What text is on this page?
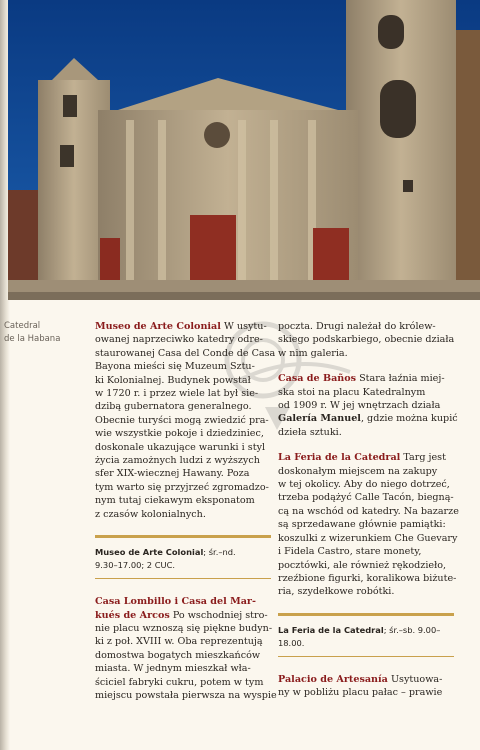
Catedral
de la Habana

Museo de Arte Colonial W usytu-
owanej naprzeciwko katedry odre-
staurowanej Casa del Conde de Casa
Bayona mieści się Muzeum Sztu-
ki Kolonialnej. Budynek powstał
w 1720 r. i przez wiele lat był sie-
dzibą gubernatora generalnego.
Obecnie turyści mogą zwiedzić pra-
wie wszystkie pokoje i dziedziniec,
doskonale ukazujące warunki i styl
życia zamożnych ludzi z wyższych
sfer XIX-wiecznej Hawany. Poza
tym warto się przyjrzeć zgromadzo-
nym tutaj ciekawym eksponatom
z czasów kolonialnych.

Museo de Arte Colonial; śr.–nd.
9.30–17.00; 2 CUC.

Casa Lombillo i Casa del Mar-
kués de Arcos Po wschodniej stro-
nie placu wznoszą się piękne budyn-
ki z poł. XVIII w. Oba reprezentują
domostwa bogatych mieszkańców
miasta. W jednym mieszkał wła-
ściciel fabryki cukru, potem w tym
miejscu powstała pierwsza na wyspie

poczta. Drugi należał do królew-
skiego podskarbiego, obecnie działa
w nim galeria.

Casa de Baños Stara łaźnia miej-
ska stoi na placu Katedralnym
od 1909 r. W jej wnętrzach działa
Galería Manuel, gdzie można kupić
dzieła sztuki.

La Feria de la Catedral Targ jest
doskonałym miejscem na zakupy
w tej okolicy. Aby do niego dotrzeć,
trzeba podążyć Calle Tacón, biegną-
cą na wschód od katedry. Na bazarze
są sprzedawane głównie pamiątki:
koszulki z wizerunkiem Che Guevary
i Fidela Castro, stare monety,
pocztówki, ale również rękodzieło,
rzeźbione figurki, koralikowa biżute-
ria, szydełkowe robótki.

La Feria de la Catedral; śr.–sb. 9.00–
18.00.

Palacio de Artesanía Usytuowa-
ny w pobliżu placu pałac – prawie
